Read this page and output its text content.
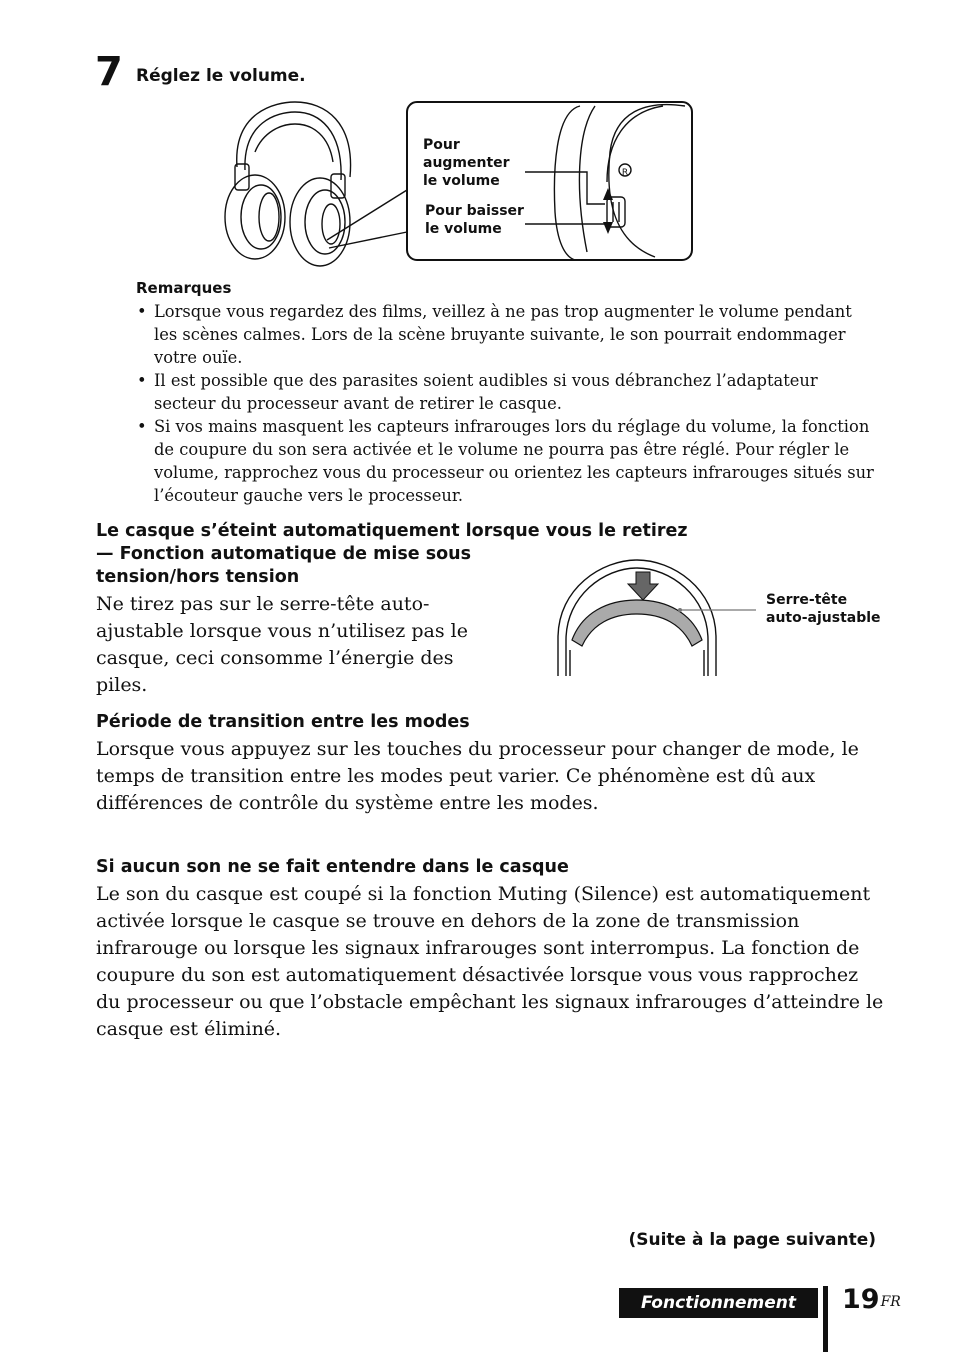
7 Réglez le volume.
R
Pour
augmenter
le volume
Pour baisser
le volume
Remarques
• Lorsque vous regardez des films, veillez à ne pas trop augmenter le volume pendant les scènes calmes. Lors de la scène bruyante suivante, le son pourrait endommager votre ouïe.
• Il est possible que des parasites soient audibles si vous débranchez l’adaptateur secteur du processeur avant de retirer le casque.
• Si vos mains masquent les capteurs infrarouges lors du réglage du volume, la fonction de coupure du son sera activée et le volume ne pourra pas être réglé. Pour régler le volume, rapprochez vous du processeur ou orientez les capteurs infrarouges situés sur l’écouteur gauche vers le processeur.
Le casque s’éteint automatiquement lorsque vous le retirez
— Fonction automatique de mise sous
tension/hors tension
Ne tirez pas sur le serre-tête auto-ajustable lorsque vous n’utilisez pas le casque, ceci consomme l’énergie des piles.
Serre-tête
auto-ajustable
Période de transition entre les modes
Lorsque vous appuyez sur les touches du processeur pour changer de mode, le temps de transition entre les modes peut varier. Ce phénomène est dû aux différences de contrôle du système entre les modes.
Si aucun son ne se fait entendre dans le casque
Le son du casque est coupé si la fonction Muting (Silence) est automatiquement activée lorsque le casque se trouve en dehors de la zone de transmission infrarouge ou lorsque les signaux infrarouges sont interrompus. La fonction de coupure du son est automatiquement désactivée lorsque vous vous rapprochez du processeur ou que l’obstacle empêchant les signaux infrarouges d’atteindre le casque est éliminé.
(Suite à la page suivante)
Fonctionnement	$19^{FR}$
